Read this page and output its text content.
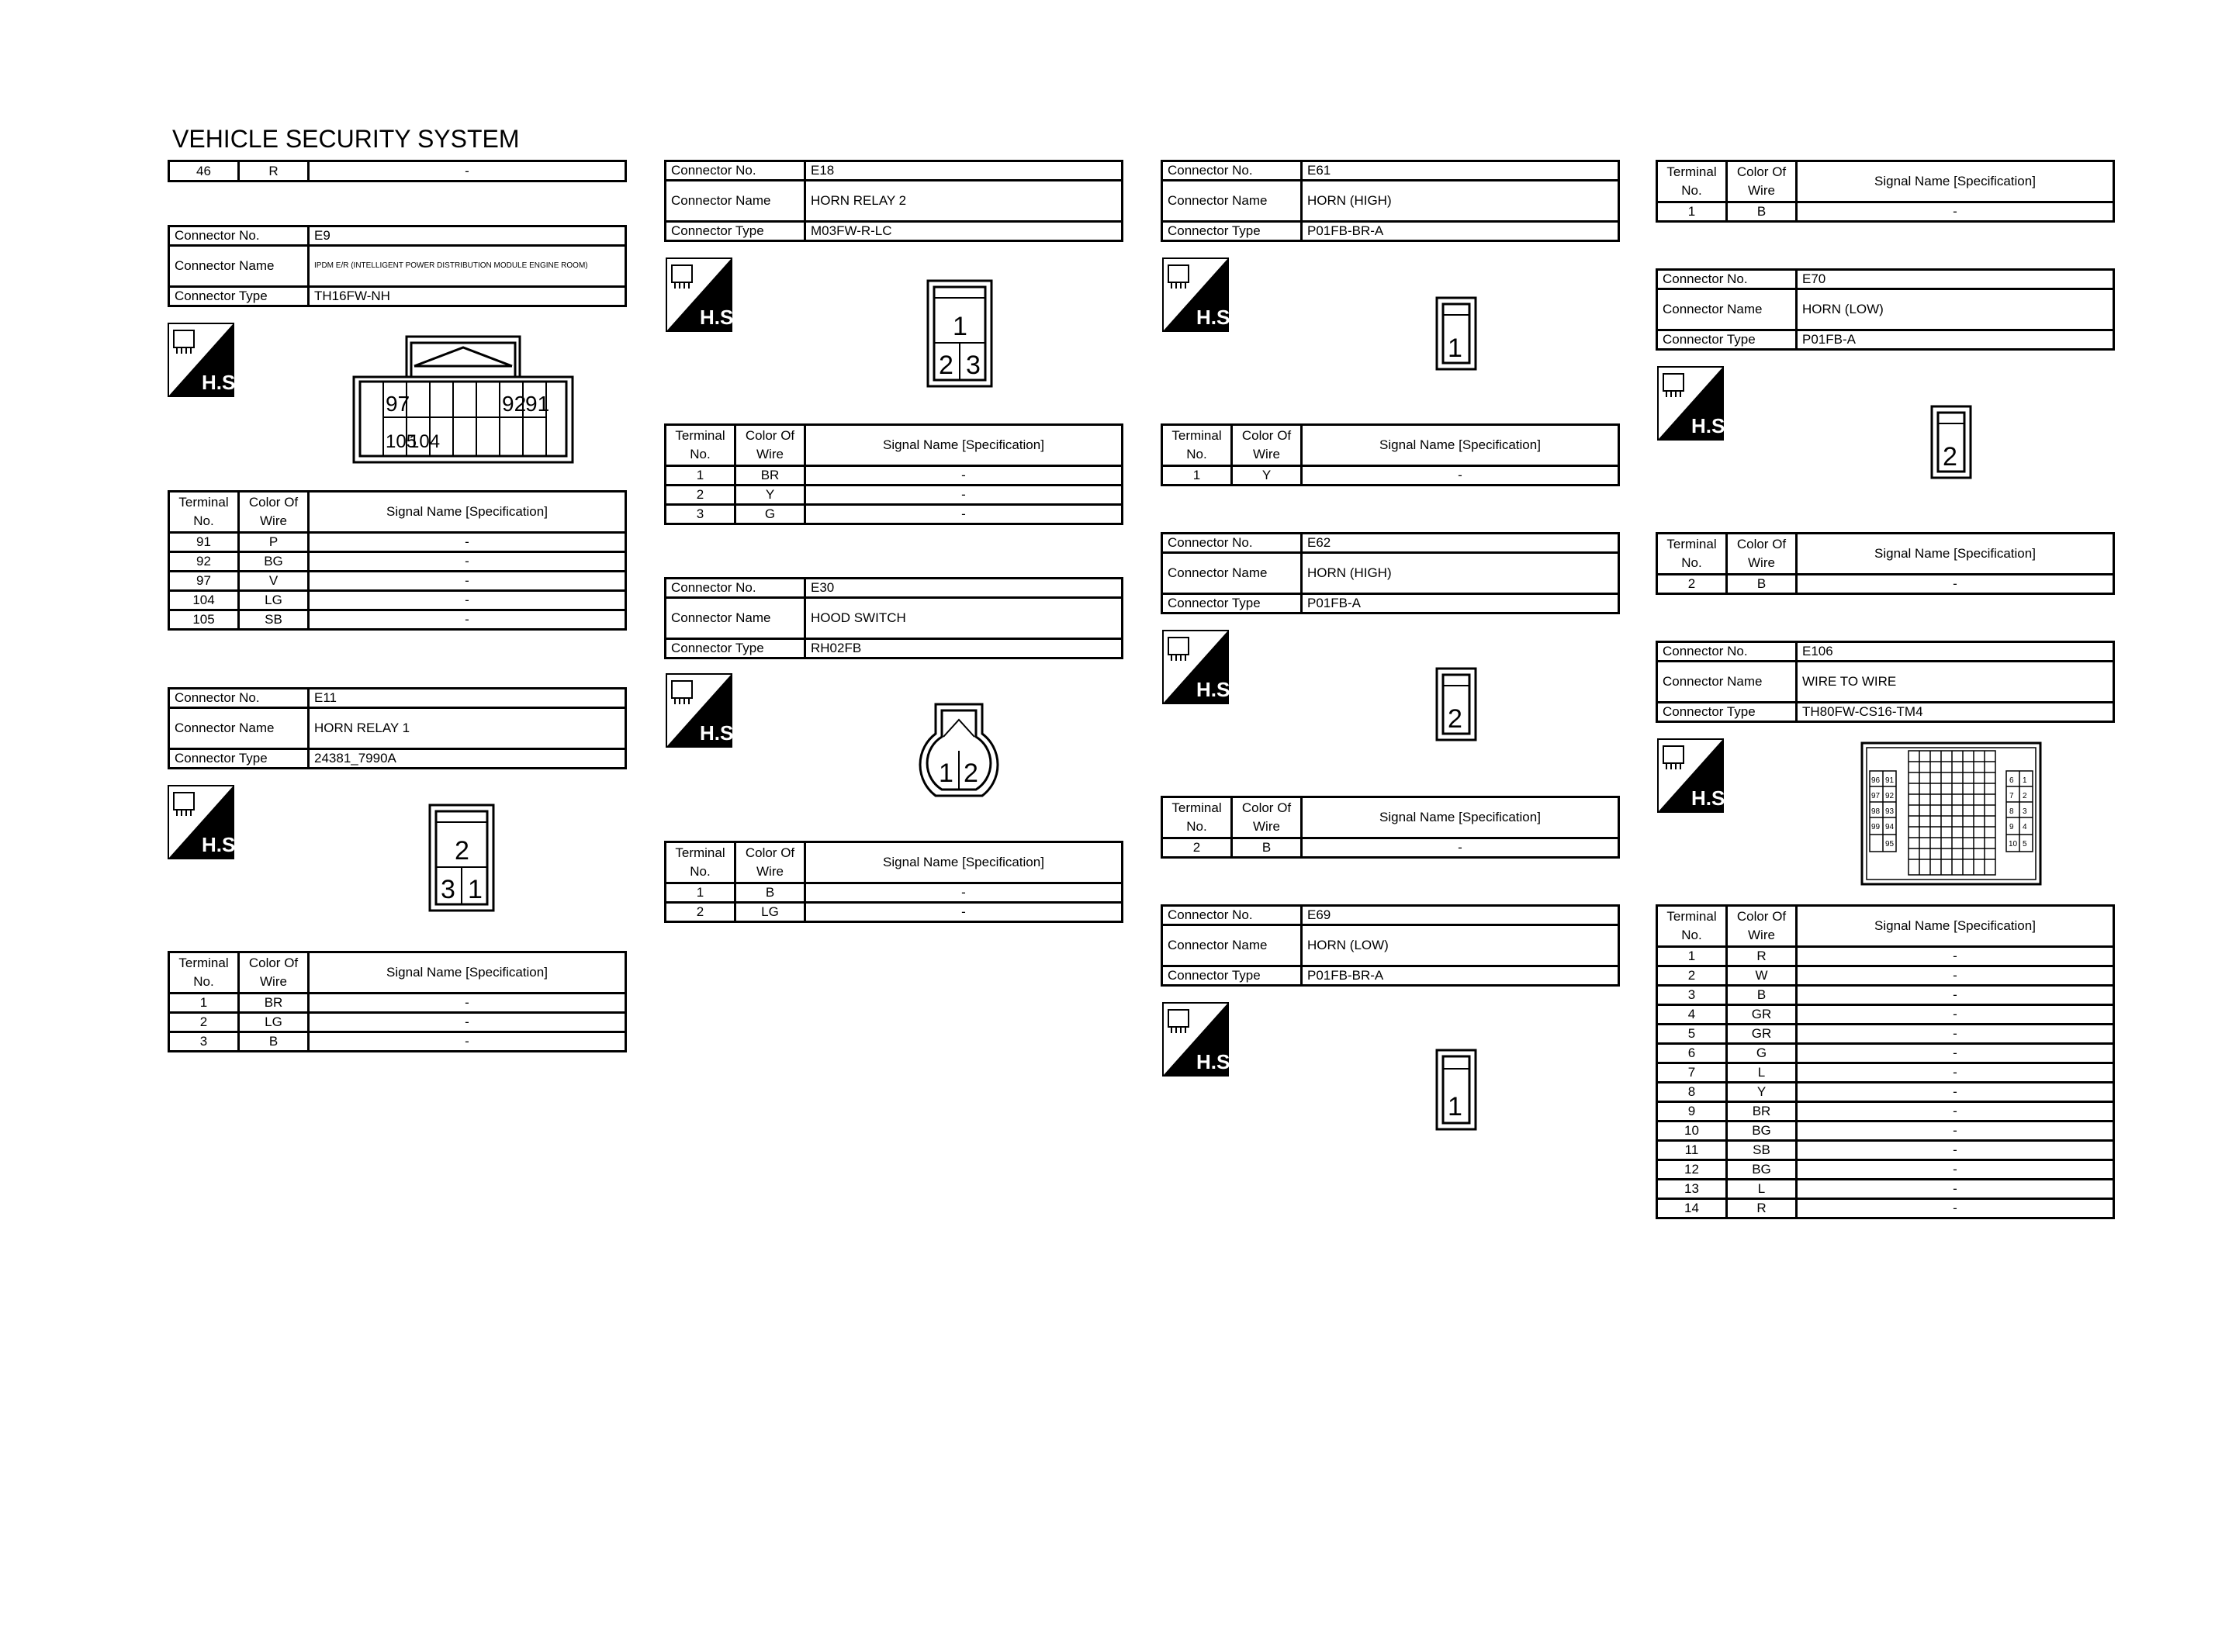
VEHICLE SECURITY SYSTEM
46	R	-
Connector No.	E9
Connector Name	IPDM E/R (INTELLIGENT POWER DISTRIBUTION MODULE ENGINE ROOM)
Connector Type	TH16FW-NH
H.S.
97	92
91
105
104
Terminal No.	Color Of Wire	Signal Name [Specification]
91	P	-
92	BG	-
97	V	-
104	LG	-
105	SB	-
Connector No.	E11
Connector Name	HORN RELAY 1
Connector Type	24381_7990A
H.S.	2
3 1
Terminal No.	Color Of Wire	Signal Name [Specification]
1	BR	-
2	LG	-
3	B	-
Connector No.	E18
Connector Name	HORN RELAY 2
Connector Type	M03FW-R-LC
H.S.	1
2 3
Terminal No.	Color Of Wire	Signal Name [Specification]
1	BR	-
2	Y	-
3	G	-
Connector No.	E30
Connector Name	HOOD SWITCH
Connector Type	RH02FB
H.S.
1 2
Terminal No.	Color Of Wire	Signal Name [Specification]
1	B	-
2	LG	-
Connector No.	E61
Connector Name	HORN (HIGH)
Connector Type	P01FB-BR-A
H.S.
1
Terminal No.	Color Of Wire	Signal Name [Specification]
1	Y	-
Connector No.	E62
Connector Name	HORN (HIGH)
Connector Type	P01FB-A
H.S.
2
Terminal No.	Color Of Wire	Signal Name [Specification]
2	B	-
Connector No.	E69
Connector Name	HORN (LOW)
Connector Type	P01FB-BR-A
H.S.
1
Terminal No.	Color Of Wire	Signal Name [Specification]
1	B	-
Connector No.	E70
Connector Name	HORN (LOW)
Connector Type	P01FB-A
H.S.
2
Terminal No.	Color Of Wire	Signal Name [Specification]
2	B	-
Connector No.	E106
Connector Name	WIRE TO WIRE
Connector Type	TH80FW-CS16-TM4
H.S.
96 91
97 92
98 93
99 94
95
6 1
7 2
8 3
9 4
10 5
Terminal No.	Color Of Wire	Signal Name [Specification]
1	R	-
2	W	-
3	B	-
4	GR	-
5	GR	-
6	G	-
7	L	-
8	Y	-
9	BR	-
10	BG	-
11	SB	-
12	BG	-
13	L	-
14	R	-
